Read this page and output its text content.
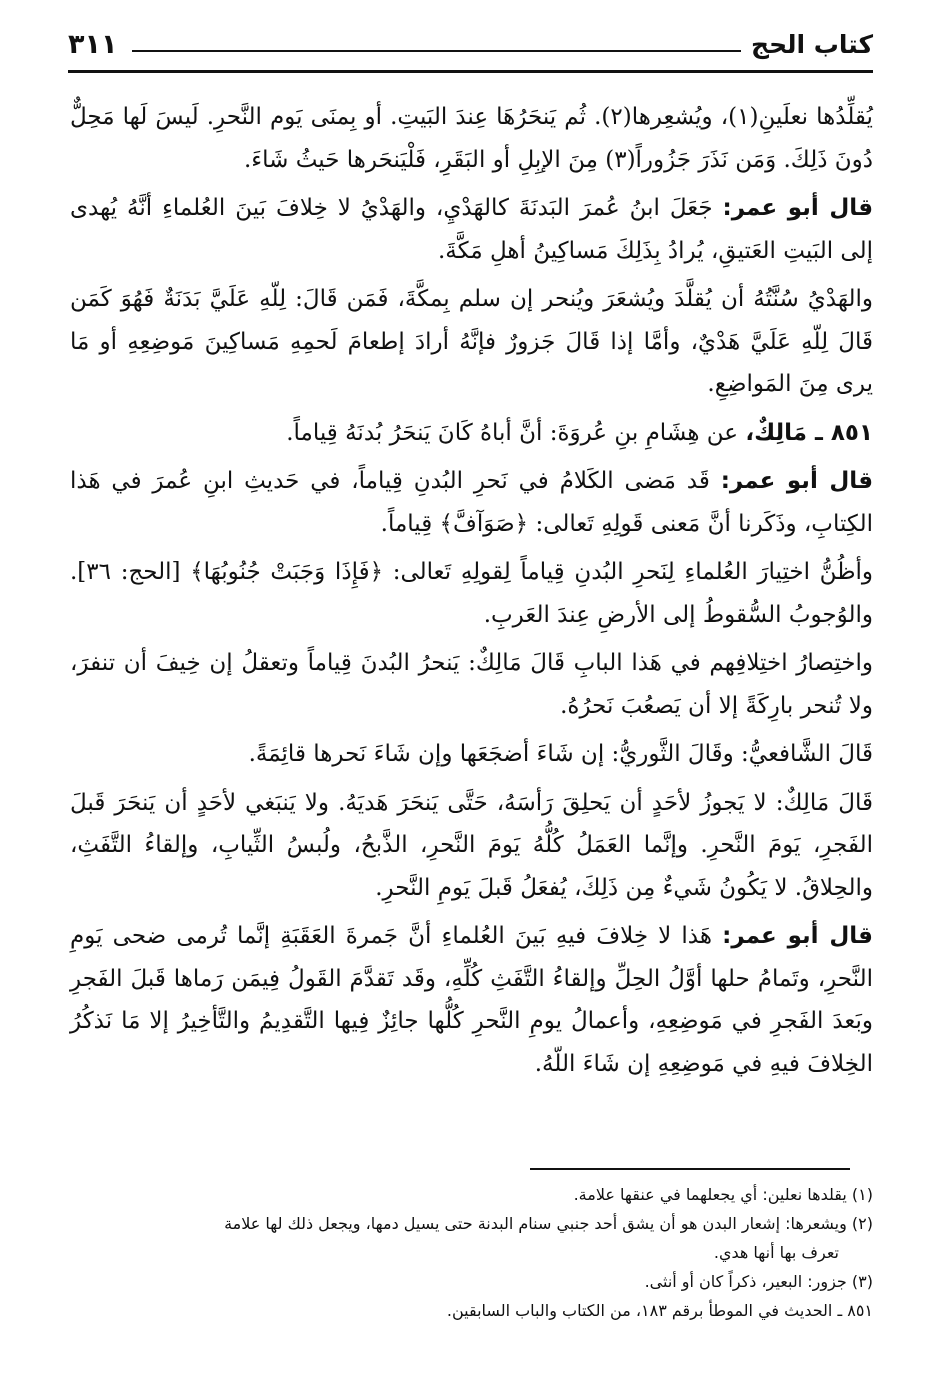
٣١١	كتاب الحج

يُقلِّدُها نعلَينِ(١)، ويُشعِرها(٢). ثُم يَنحَرُهَا عِندَ البَيتِ. أو بِمنَى يَوم النَّحرِ. لَيسَ لَها مَحِلٌّ دُونَ ذَلِكَ. وَمَن نَذَرَ جَزُوراً(٣) مِنَ الإبِلِ أو البَقَرِ، فَلْيَنحَرها حَيثُ شَاءَ.

قال أبو عمر: جَعَلَ ابنُ عُمرَ البَدنَةَ كالهَدْيِ، والهَدْيُ لا خِلافَ بَينَ العُلماءِ أنَّهُ يُهدى إلى البَيتِ العَتيقِ، يُرادُ بِذَلِكَ مَساكِينُ أهلِ مَكَّةَ.

والهَدْيُ سُنَّتُهُ أن يُقلَّدَ ويُشعَرَ ويُنحر إن سلم بِمكَّةَ، فَمَن قَالَ: لِلّهِ عَلَيَّ بَدَنَةٌ فَهُوَ كَمَن قَالَ لِلّهِ عَلَيَّ هَدْيٌ، وأمَّا إذا قَالَ جَزورٌ فإنَّهُ أرادَ إطعامَ لَحمِهِ مَساكِينَ مَوضِعِهِ أو مَا يرى مِنَ المَواضِعِ.

٨٥١ ـ مَالِكٌ، عن هِشَامِ بنِ عُروَةَ: أنَّ أباهُ كَانَ يَنحَرُ بُدنَهُ قِياماً.

قال أبو عمر: قَد مَضى الكَلامُ في نَحرِ البُدنِ قِياماً، في حَديثِ ابنِ عُمرَ في هَذا الكِتابِ، وذَكَرنا أنَّ مَعنى قَولِهِ تَعالى: ﴿صَوَآفَّ﴾ قِياماً.

وأظُنُّ اختِيارَ العُلماءِ لِنَحرِ البُدنِ قِياماً لِقولِهِ تَعالى: ﴿فَإِذَا وَجَبَتْ جُنُوبُهَا﴾ [الحج: ٣٦]. والوُجوبُ السُّقوطُ إلى الأرضِ عِندَ العَربِ.

واختِصارُ اختِلافِهم في هَذا البابِ قَالَ مَالِكٌ: يَنحرُ البُدنَ قِياماً وتعقلُ إن خِيفَ أن تنفرَ، ولا تُنحر بارِكَةً إلا أن يَصعُبَ نَحرُهُ.

قَالَ الشَّافعيُّ: وقَالَ الثَّوريُّ: إن شَاءَ أضجَعَها وإن شَاءَ نَحرها قائِمَةً.

قَالَ مَالِكٌ: لا يَجوزُ لأحَدٍ أن يَحلِقَ رَأسَهُ، حَتَّى يَنحَرَ هَديَهُ. ولا يَنبَغي لأحَدٍ أن يَنحَرَ قَبلَ الفَجرِ، يَومَ النَّحرِ. وإنَّما العَمَلُ كُلُّهُ يَومَ النَّحرِ، الذَّبحُ، ولُبسُ الثِّيابِ، وإلقاءُ التَّفَثِ، والحِلاقُ. لا يَكُونُ شَيءٌ مِن ذَلِكَ، يُفعَلُ قَبلَ يَومِ النَّحرِ.

قال أبو عمر: هَذا لا خِلافَ فيهِ بَينَ العُلماءِ أنَّ جَمرةَ العَقَبَةِ إنَّما تُرمى ضحى يَومِ النَّحرِ، وتَمامُ حلها أوَّلُ الحِلِّ وإلقاءُ التَّفَثِ كُلِّهِ، وقَد تَقدَّمَ القَولُ فِيمَن رَماها قَبلَ الفَجرِ وبَعدَ الفَجرِ في مَوضِعِهِ، وأعمالُ يومِ النَّحرِ كُلُّها جائِزٌ فِيها التَّقدِيمُ والتَّأخِيرُ إلا مَا نَذكُرُ الخِلافَ فيهِ في مَوضِعِهِ إن شَاءَ اللّهُ.

(١) يقلدها نعلين: أي يجعلهما في عنقها علامة.

(٢) ويشعرها: إشعار البدن هو أن يشق أحد جنبي سنام البدنة حتى يسيل دمها، ويجعل ذلك لها علامة
تعرف بها أنها هدي.

(٣) جزور: البعير، ذكراً كان أو أنثى.

٨٥١ ـ الحديث في الموطأ برقم ١٨٣، من الكتاب والباب السابقين.
